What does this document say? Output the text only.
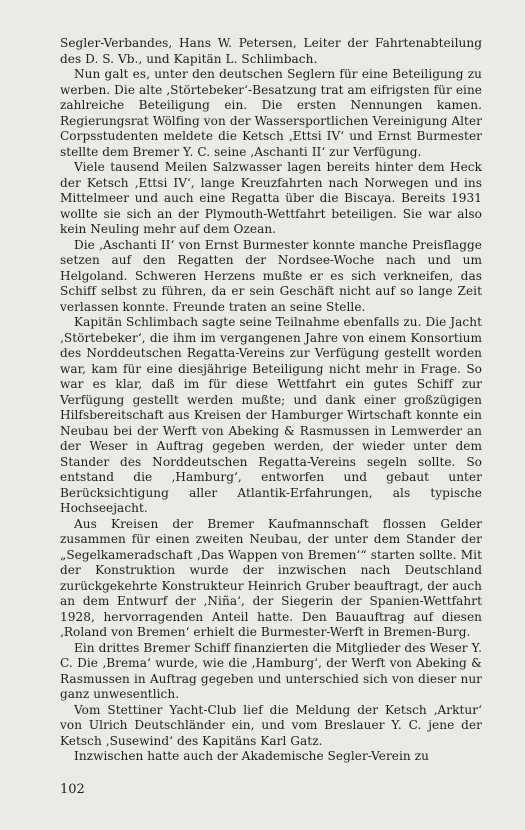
Segler-Verbandes, Hans W. Petersen, Leiter der Fahrtenabteilung des D. S. Vb., und Kapitän L. Schlimbach.

Nun galt es, unter den deutschen Seglern für eine Beteiligung zu werben. Die alte ‚Störtebeker‘-Besatzung trat am eifrigsten für eine zahlreiche Beteiligung ein. Die ersten Nennungen kamen. Regierungsrat Wölfing von der Wassersportlichen Vereinigung Alter Corpsstudenten meldete die Ketsch ‚Ettsi IV‘ und Ernst Burmester stellte dem Bremer Y. C. seine ‚Aschanti II‘ zur Verfügung.

Viele tausend Meilen Salzwasser lagen bereits hinter dem Heck der Ketsch ‚Ettsi IV‘, lange Kreuzfahrten nach Norwegen und ins Mittelmeer und auch eine Regatta über die Biscaya. Bereits 1931 wollte sie sich an der Plymouth-Wettfahrt beteiligen. Sie war also kein Neuling mehr auf dem Ozean.

Die ‚Aschanti II‘ von Ernst Burmester konnte manche Preisflagge setzen auf den Regatten der Nordsee-Woche nach und um Helgoland. Schweren Herzens mußte er es sich verkneifen, das Schiff selbst zu führen, da er sein Geschäft nicht auf so lange Zeit verlassen konnte. Freunde traten an seine Stelle.

Kapitän Schlimbach sagte seine Teilnahme ebenfalls zu. Die Jacht ‚Störtebeker‘, die ihm im vergangenen Jahre von einem Konsortium des Norddeutschen Regatta-Vereins zur Verfügung gestellt worden war, kam für eine diesjährige Beteiligung nicht mehr in Frage. So war es klar, daß im für diese Wettfahrt ein gutes Schiff zur Verfügung gestellt werden mußte; und dank einer großzügigen Hilfsbereitschaft aus Kreisen der Hamburger Wirtschaft konnte ein Neubau bei der Werft von Abeking & Rasmussen in Lemwerder an der Weser in Auftrag gegeben werden, der wieder unter dem Stander des Norddeutschen Regatta-Vereins segeln sollte. So entstand die ‚Hamburg‘, entworfen und gebaut unter Berücksichtigung aller Atlantik-Erfahrungen, als typische Hochseejacht.

Aus Kreisen der Bremer Kaufmannschaft flossen Gelder zusammen für einen zweiten Neubau, der unter dem Stander der „Segelkameradschaft ‚Das Wappen von Bremen‘“ starten sollte. Mit der Konstruktion wurde der inzwischen nach Deutschland zurückgekehrte Konstrukteur Heinrich Gruber beauftragt, der auch an dem Entwurf der ‚Niña‘, der Siegerin der Spanien-Wettfahrt 1928, hervorragenden Anteil hatte. Den Bauauftrag auf diesen ‚Roland von Bremen‘ erhielt die Burmester-Werft in Bremen-Burg.

Ein drittes Bremer Schiff finanzierten die Mitglieder des Weser Y. C. Die ‚Brema‘ wurde, wie die ‚Hamburg‘, der Werft von Abeking & Rasmussen in Auftrag gegeben und unterschied sich von dieser nur ganz unwesentlich.

Vom Stettiner Yacht-Club lief die Meldung der Ketsch ‚Arktur‘ von Ulrich Deutschländer ein, und vom Breslauer Y. C. jene der Ketsch ‚Susewind‘ des Kapitäns Karl Gatz.

Inzwischen hatte auch der Akademische Segler-Verein zu

102
